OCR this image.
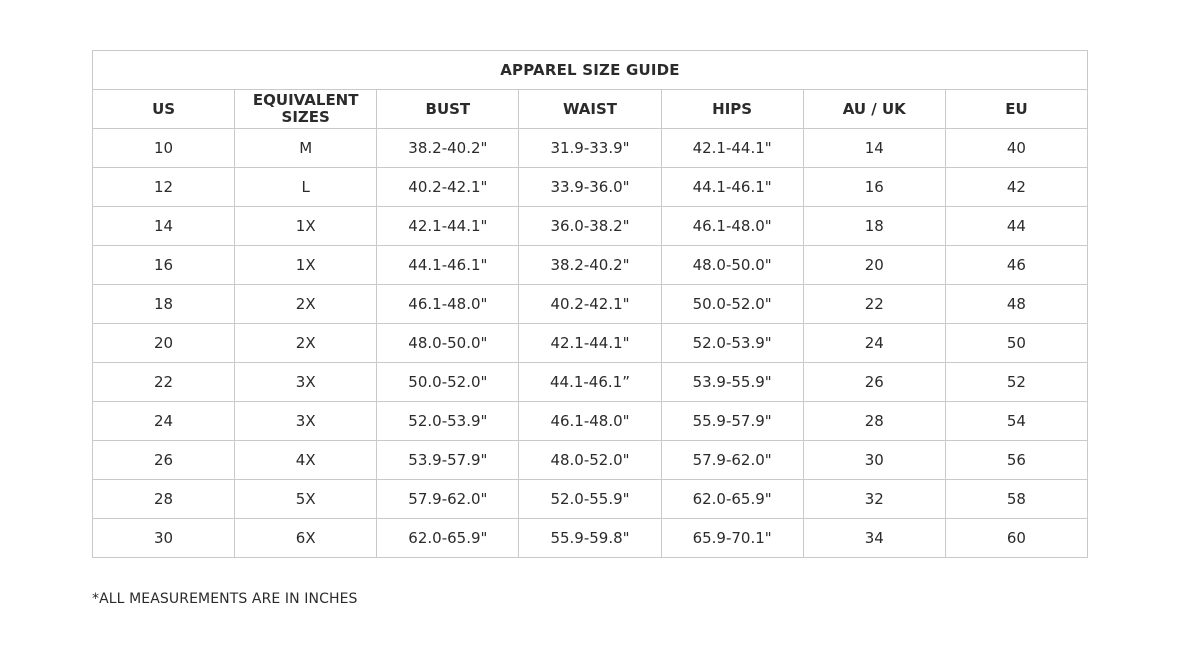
APPAREL SIZE GUIDE						
US	EQUIVALENT SIZES	BUST	WAIST	HIPS	AU / UK	EU
10	M	38.2-40.2"	31.9-33.9"	42.1-44.1"	14	40
12	L	40.2-42.1"	33.9-36.0"	44.1-46.1"	16	42
14	1X	42.1-44.1"	36.0-38.2"	46.1-48.0"	18	44
16	1X	44.1-46.1"	38.2-40.2"	48.0-50.0"	20	46
18	2X	46.1-48.0"	40.2-42.1"	50.0-52.0"	22	48
20	2X	48.0-50.0"	42.1-44.1"	52.0-53.9"	24	50
22	3X	50.0-52.0"	44.1-46.1”	53.9-55.9"	26	52
24	3X	52.0-53.9"	46.1-48.0"	55.9-57.9"	28	54
26	4X	53.9-57.9"	48.0-52.0"	57.9-62.0"	30	56
28	5X	57.9-62.0"	52.0-55.9"	62.0-65.9"	32	58
30	6X	62.0-65.9"	55.9-59.8"	65.9-70.1"	34	60
*ALL MEASUREMENTS ARE IN INCHES
